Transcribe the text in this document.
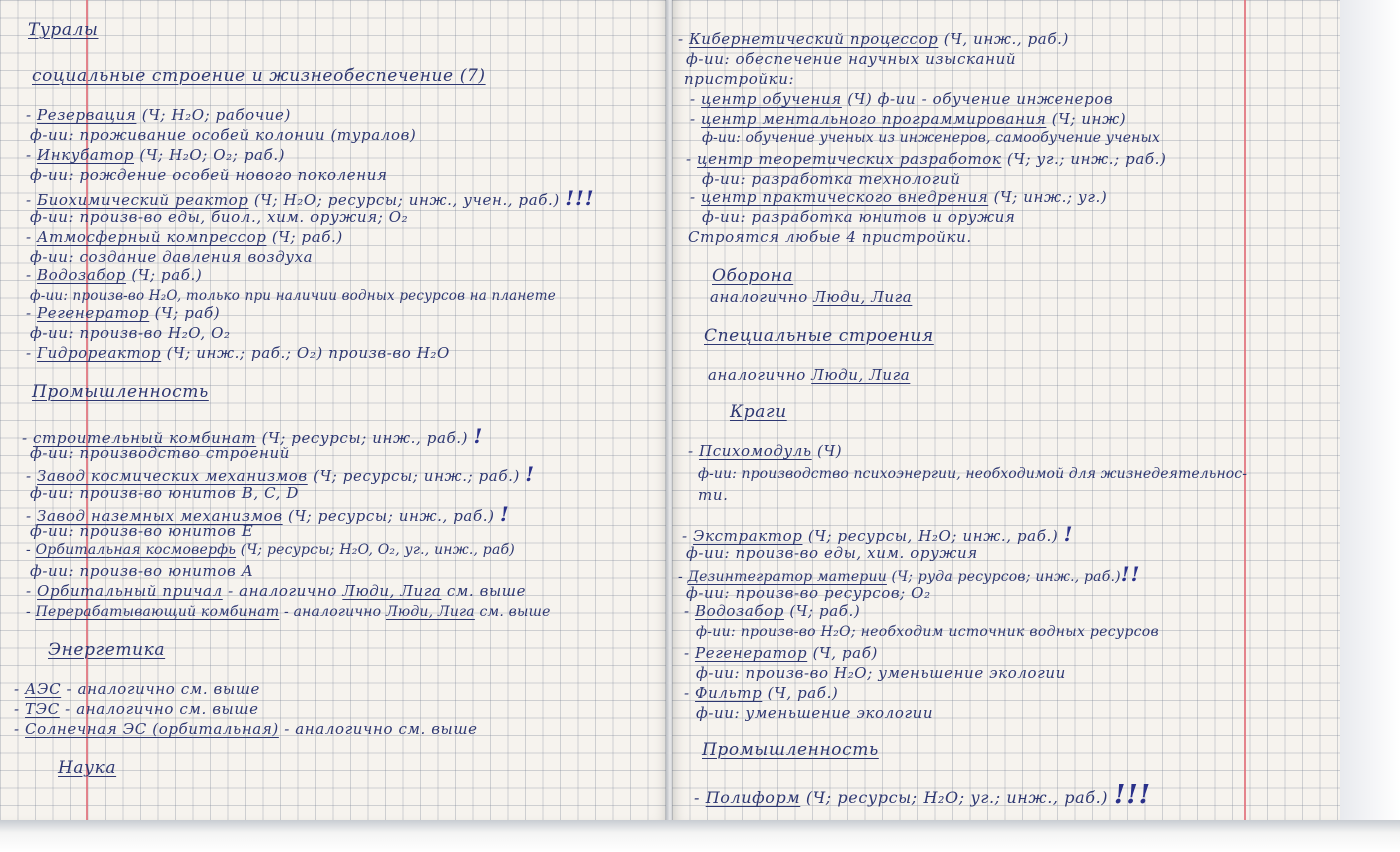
Туралы
социальные строение и жизнеобеспечение (7)
- Резервация (Ч; H₂O; рабочие)
ф-ии: проживание особей колонии (туралов)
- Инкубатор (Ч; H₂O; O₂; раб.)
ф-ии: рождение особей нового поколения
- Биохимический реактор (Ч; H₂O; ресурсы; инж., учен., раб.) !!!
ф-ии: произв-во еды, биол., хим. оружия; O₂
- Атмосферный компрессор (Ч; раб.)
ф-ии: создание давления воздуха
- Водозабор (Ч; раб.)
ф-ии: произв-во H₂O, только при наличии водных ресурсов на планете
- Регенератор (Ч; раб)
ф-ии: произв-во H₂O, O₂
- Гидрореактор (Ч; инж.; раб.; O₂) произв-во H₂O
Промышленность
- строительный комбинат (Ч; ресурсы; инж., раб.) !
ф-ии: производство строений
- Завод космических механизмов (Ч; ресурсы; инж.; раб.) !
ф-ии: произв-во юнитов B, C, D
- Завод наземных механизмов (Ч; ресурсы; инж., раб.) !
ф-ии: произв-во юнитов E
- Орбитальная космоверфь (Ч; ресурсы; H₂O, O₂, уг., инж., раб)
ф-ии: произв-во юнитов A
- Орбитальный причал - аналогично Люди, Лига см. выше
- Перерабатывающий комбинат - аналогично Люди, Лига см. выше
Энергетика
- АЭС - аналогично см. выше
- ТЭС - аналогично см. выше
- Солнечная ЭС (орбитальная) - аналогично см. выше
Наука
- Кибернетический процессор (Ч, инж., раб.)
ф-ии: обеспечение научных изысканий
пристройки:
- центр обучения (Ч) ф-ии - обучение инженеров
- центр ментального программирования (Ч; инж)
ф-ии: обучение ученых из инженеров, самообучение ученых
- центр теоретических разработок (Ч; уг.; инж.; раб.)
ф-ии: разработка технологий
- центр практического внедрения (Ч; инж.; уг.)
ф-ии: разработка юнитов и оружия
Строятся любые 4 пристройки.
Оборона
аналогично Люди, Лига
Специальные строения
аналогично Люди, Лига
Краги
- Психомодуль (Ч)
ф-ии: производство психоэнергии, необходимой для жизнедеятельнос-
ти.
- Экстрактор (Ч; ресурсы, H₂O; инж., раб.) !
ф-ии: произв-во еды, хим. оружия
- Дезинтегратор материи (Ч; руда ресурсов; инж., раб.)!!
ф-ии: произв-во ресурсов; O₂
- Водозабор (Ч; раб.)
ф-ии: произв-во H₂O; необходим источник водных ресурсов
- Регенератор (Ч, раб)
ф-ии: произв-во H₂O; уменьшение экологии
- Фильтр (Ч, раб.)
ф-ии: уменьшение экологии
Промышленность
- Полиформ (Ч; ресурсы; H₂O; уг.; инж., раб.) !!!
